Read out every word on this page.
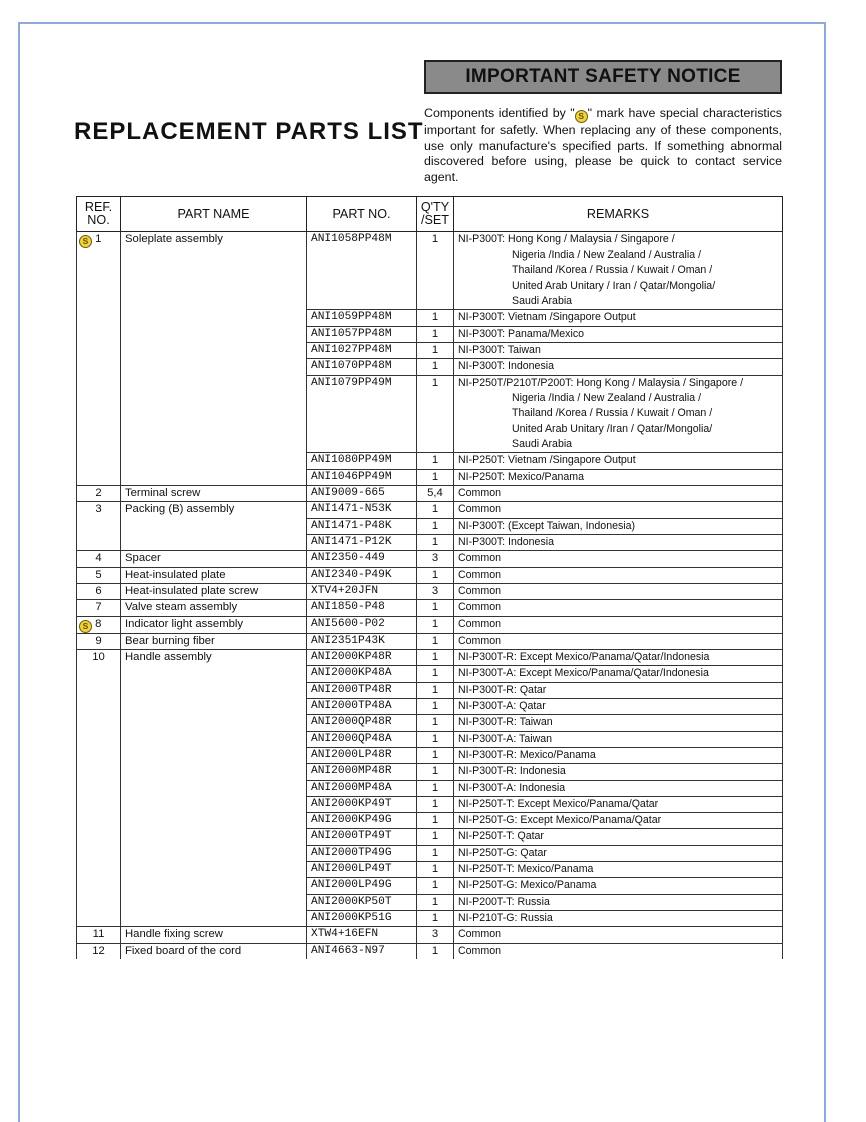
REPLACEMENT PARTS LIST
IMPORTANT SAFETY NOTICE
Components identified by " S " mark have special characteristics important for safetly. When replacing any of these components, use only manufacture's specified parts. If something abnormal discovered before using, please be quick to contact service agent.
REF. NO.	PART NAME	PART NO.	Q'TY /SET	REMARKS
S 1	Soleplate assembly	ANI1058PP48M	1	NI-P300T: Hong Kong / Malaysia / Singapore /
				Nigeria /India / New Zealand / Australia /
				Thailand /Korea / Russia / Kuwait / Oman /
				United Arab Unitary / Iran / Qatar/Mongolia/
				Saudi Arabia
		ANI1059PP48M	1	NI-P300T: Vietnam /Singapore Output
		ANI1057PP48M	1	NI-P300T: Panama/Mexico
		ANI1027PP48M	1	NI-P300T: Taiwan
		ANI1070PP48M	1	NI-P300T: Indonesia
		ANI1079PP49M	1	NI-P250T/P210T/P200T: Hong Kong / Malaysia / Singapore /
				Nigeria /India / New Zealand / Australia /
				Thailand /Korea / Russia / Kuwait / Oman /
				United Arab Unitary /Iran / Qatar/Mongolia/
				Saudi Arabia
		ANI1080PP49M	1	NI-P250T: Vietnam /Singapore Output
		ANI1046PP49M	1	NI-P250T: Mexico/Panama
2	Terminal screw	ANI9009-665	5,4	Common
3	Packing (B) assembly	ANI1471-N53K	1	Common
		ANI1471-P48K	1	NI-P300T: (Except Taiwan, Indonesia)
		ANI1471-P12K	1	NI-P300T: Indonesia
4	Spacer	ANI2350-449	3	Common
5	Heat-insulated plate	ANI2340-P49K	1	Common
6	Heat-insulated plate screw	XTV4+20JFN	3	Common
7	Valve steam assembly	ANI1850-P48	1	Common
S 8	Indicator light assembly	ANI5600-P02	1	Common
9	Bear burning fiber	ANI2351P43K	1	Common
10	Handle assembly	ANI2000KP48R	1	NI-P300T-R: Except Mexico/Panama/Qatar/Indonesia
		ANI2000KP48A	1	NI-P300T-A: Except Mexico/Panama/Qatar/Indonesia
		ANI2000TP48R	1	NI-P300T-R: Qatar
		ANI2000TP48A	1	NI-P300T-A: Qatar
		ANI2000QP48R	1	NI-P300T-R: Taiwan
		ANI2000QP48A	1	NI-P300T-A: Taiwan
		ANI2000LP48R	1	NI-P300T-R: Mexico/Panama
		ANI2000MP48R	1	NI-P300T-R: Indonesia
		ANI2000MP48A	1	NI-P300T-A: Indonesia
		ANI2000KP49T	1	NI-P250T-T: Except Mexico/Panama/Qatar
		ANI2000KP49G	1	NI-P250T-G: Except Mexico/Panama/Qatar
		ANI2000TP49T	1	NI-P250T-T: Qatar
		ANI2000TP49G	1	NI-P250T-G: Qatar
		ANI2000LP49T	1	NI-P250T-T: Mexico/Panama
		ANI2000LP49G	1	NI-P250T-G: Mexico/Panama
		ANI2000KP50T	1	NI-P200T-T: Russia
		ANI2000KP51G	1	NI-P210T-G: Russia
11	Handle fixing screw	XTW4+16EFN	3	Common
12	Fixed board of the cord	ANI4663-N97	1	Common
